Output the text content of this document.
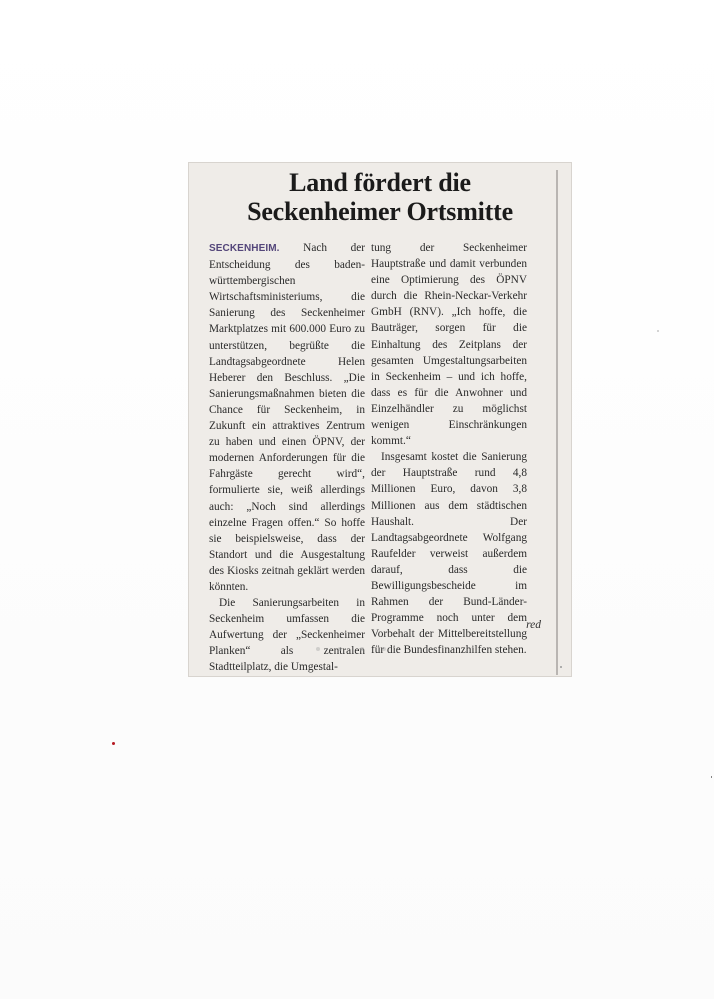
Land fördert die
Seckenheimer Ortsmitte

SECKENHEIM. Nach der Entscheidung des baden-württembergischen Wirtschaftsministeriums, die Sanierung des Seckenheimer Marktplatzes mit 600.000 Euro zu unterstützen, begrüßte die Landtagsabgeordnete Helen Heberer den Beschluss. „Die Sanierungsmaßnahmen bieten die Chance für Seckenheim, in Zukunft ein attraktives Zentrum zu haben und einen ÖPNV, der modernen Anforderungen für die Fahrgäste gerecht wird“, formulierte sie, weiß allerdings auch: „Noch sind allerdings einzelne Fragen offen.“ So hoffe sie beispielsweise, dass der Standort und die Ausgestaltung des Kiosks zeitnah geklärt werden könnten.

Die Sanierungsarbeiten in Seckenheim umfassen die Aufwertung der „Seckenheimer Planken“ als zentralen Stadtteilplatz, die Umgestal-

tung der Seckenheimer Hauptstraße und damit verbunden eine Optimierung des ÖPNV durch die Rhein-Neckar-Verkehr GmbH (RNV). „Ich hoffe, die Bauträger, sorgen für die Einhaltung des Zeitplans der gesamten Umgestaltungsarbeiten in Seckenheim – und ich hoffe, dass es für die Anwohner und Einzelhändler zu möglichst wenigen Einschränkungen kommt.“

Insgesamt kostet die Sanierung der Hauptstraße rund 4,8 Millionen Euro, davon 3,8 Millionen aus dem städtischen Haushalt. Der Landtagsabgeordnete Wolfgang Raufelder verweist außerdem darauf, dass die Bewilligungsbescheide im Rahmen der Bund-Länder-Programme noch unter dem Vorbehalt der Mittelbereitstellung für die Bundesfinanzhilfen stehen.

red
